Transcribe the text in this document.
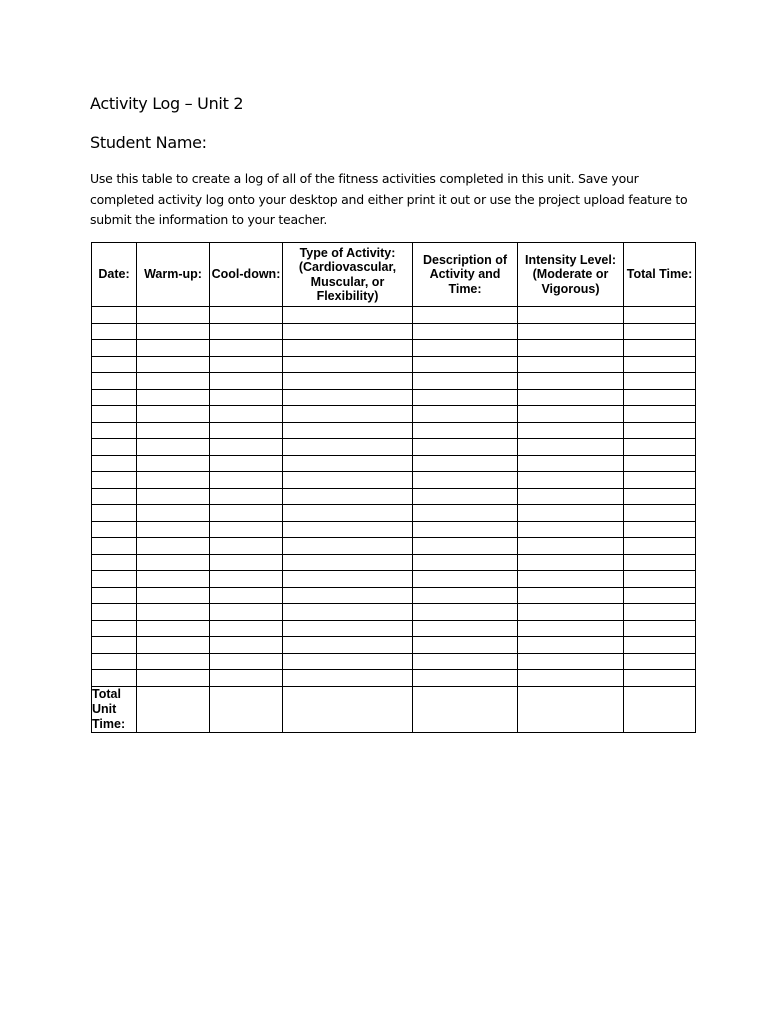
Activity Log – Unit 2
Student Name:
Use this table to create a log of all of the fitness activities completed in this unit. Save your completed activity log onto your desktop and either print it out or use the project upload feature to submit the information to your teacher.
Date:	Warm-up:	Cool-down:	Type of Activity: (Cardiovascular, Muscular, or Flexibility)	Description of Activity and Time:	Intensity Level: (Moderate or Vigorous)	Total Time:

Total Unit Time:						
